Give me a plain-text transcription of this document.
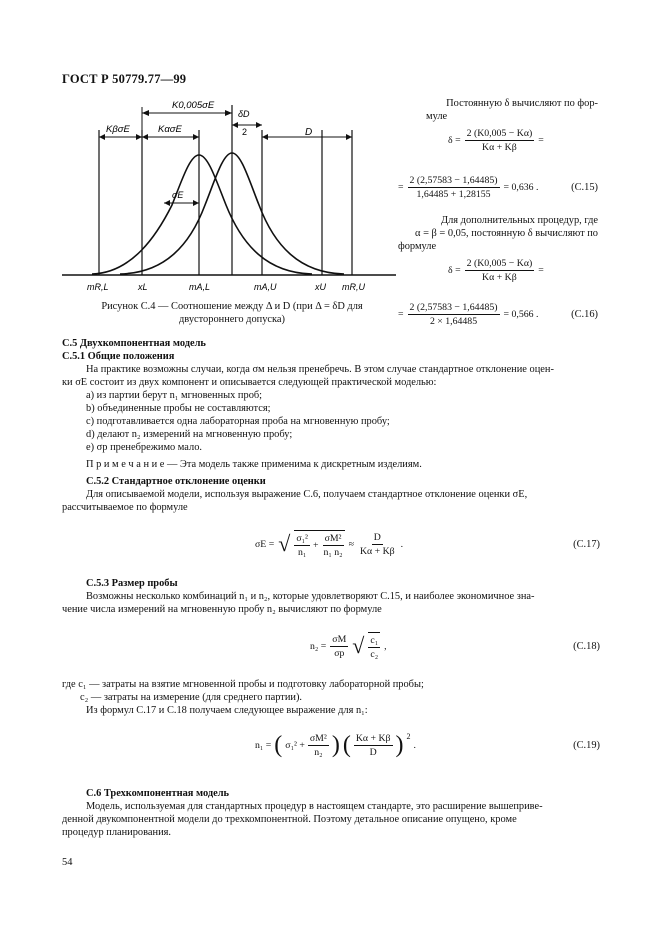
ГОСТ Р 50779.77—99
K0,005σE
δD
2
KβσE	KασE	D
σE
mR,L	xL	mA,L	mA,U	xU mR,U
Рисунок С.4 — Соотношение между Δ и D (при Δ = δD для
двустороннего допуска)
Постоянную δ вычисляют по фор-
муле
$\delta = \frac{2 (K0,005 - K\alpha)}{K\alpha + K\beta}$ =
= $\frac{2 (2,57583 - 1,64485)}{1,64485 + 1,28155} = 0,636$ .	(C.15)
Для дополнительных процедур, где
α = β = 0,05, постоянную δ вычисляют по
формуле
$\delta = \frac{2 (K0,005 - K\alpha)}{K\alpha + K\beta}$ =
= $\frac{2 (2,57583 - 1,64485)}{2 \times 1,64485} = 0,566$ .	(C.16)
С.5 Двухкомпонентная модель
С.5.1 Общие положения
На практике возможны случаи, когда σм нельзя пренебречь. В этом случае стандартное отклонение оцен-
ки σE состоит из двух компонент и описывается следующей практической моделью:
a) из партии берут n₁ мгновенных проб;
b) объединенные пробы не составляются;
c) подготавливается одна лабораторная проба на мгновенную пробу;
d) делают n₂ измерений на мгновенную пробу;
e) σp пренебрежимо мало.
П р и м е ч а н и е — Эта модель также применима к дискретным изделиям.
С.5.2 Стандартное отклонение оценки
Для описываемой модели, используя выражение С.6, получаем стандартное отклонение оценки σE,
рассчитываемое по формуле
σE = √ $\frac{\text{σ₁²}}{\text{n₁}} + \frac{\text{σM²}}{\text{n₁ n₂}} \approx \frac{D}{K\alpha + K\beta}$ .	(C.17)
С.5.3 Размер пробы
Возможны несколько комбинаций n₁ и n₂, которые удовлетворяют С.15, и наиболее экономичное зна-
чение числа измерений на мгновенную пробу n₂ вычисляют по формуле
$n_2 = \frac{\sigma M}{\sigma p}$ √ $\frac{\text{c₁}}{\text{c₂}}$ ,	(C.18)
где c₁ — затраты на взятие мгновенной пробы и подготовку лабораторной пробы;
c₂ — затраты на измерение (для среднего партии).
Из формул С.17 и С.18 получаем следующее выражение для n₁:
n₁ = ( $\sigma_1^2 + \frac{\text{σM²}}{\text{n₂}}$ ) ( $\frac{K\alpha + K\beta}{D}$ ) 2
.	(C.19)
С.6 Трехкомпонентная модель
Модель, используемая для стандартных процедур в настоящем стандарте, это расширение вышеприве-
денной двукомпонентной модели до трехкомпонентной. Поэтому детальное описание опущено, кроме
процедур планирования.
54
